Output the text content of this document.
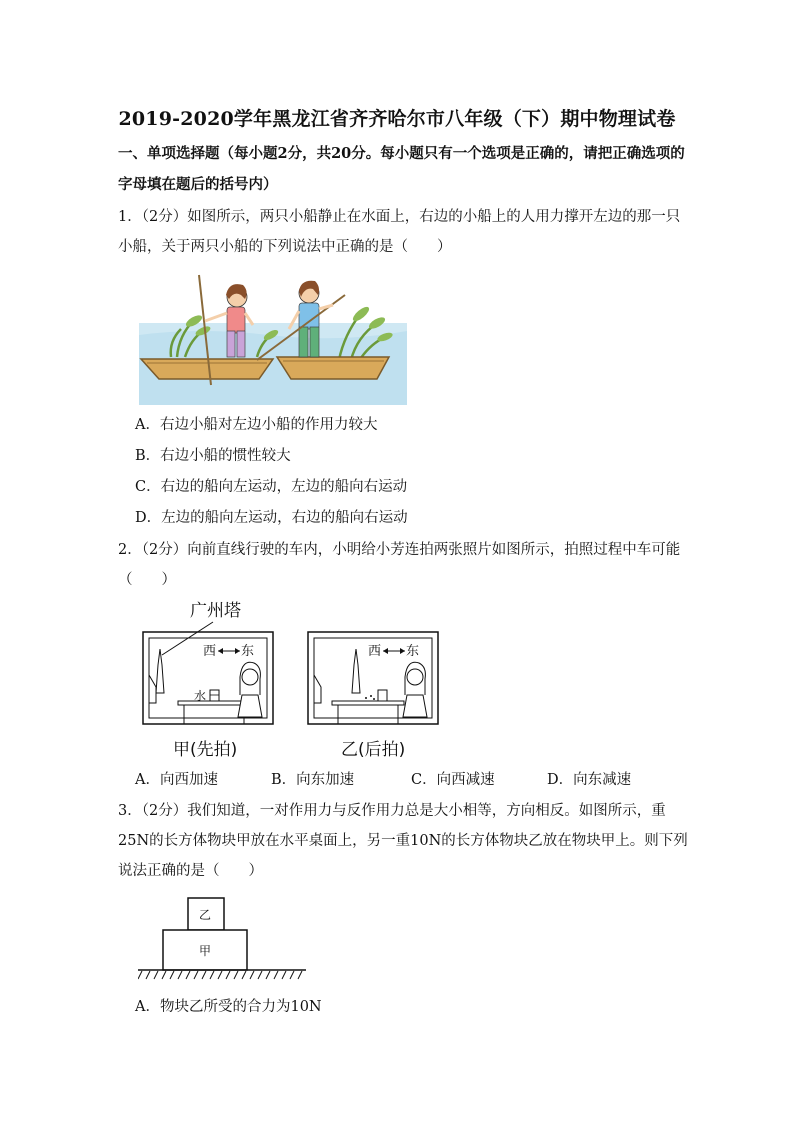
2019-2020学年黑龙江省齐齐哈尔市八年级（下）期中物理试卷
一、单项选择题（每小题2分，共20分。每小题只有一个选项是正确的，请把正确选项的字母填在题后的括号内）
1．（2分）如图所示，两只小船静止在水面上，右边的小船上的人用力撑开左边的那一只小船，关于两只小船的下列说法中正确的是（　　）
A．右边小船对左边小船的作用力较大
B．右边小船的惯性较大
C．右边的船向左运动，左边的船向右运动
D．左边的船向左运动，右边的船向右运动
2．（2分）向前直线行驶的车内，小明给小芳连拍两张照片如图所示，拍照过程中车可能（　　）
广州塔
水
西 东	西 东
甲(先拍)	乙(后拍)
A．向西加速	B．向东加速	C．向西减速	D．向东减速
3．（2分）我们知道，一对作用力与反作用力总是大小相等，方向相反。如图所示，重25N的长方体物块甲放在水平桌面上，另一重10N的长方体物块乙放在物块甲上。则下列说法正确的是（　　）
乙
甲
A．物块乙所受的合力为10N
